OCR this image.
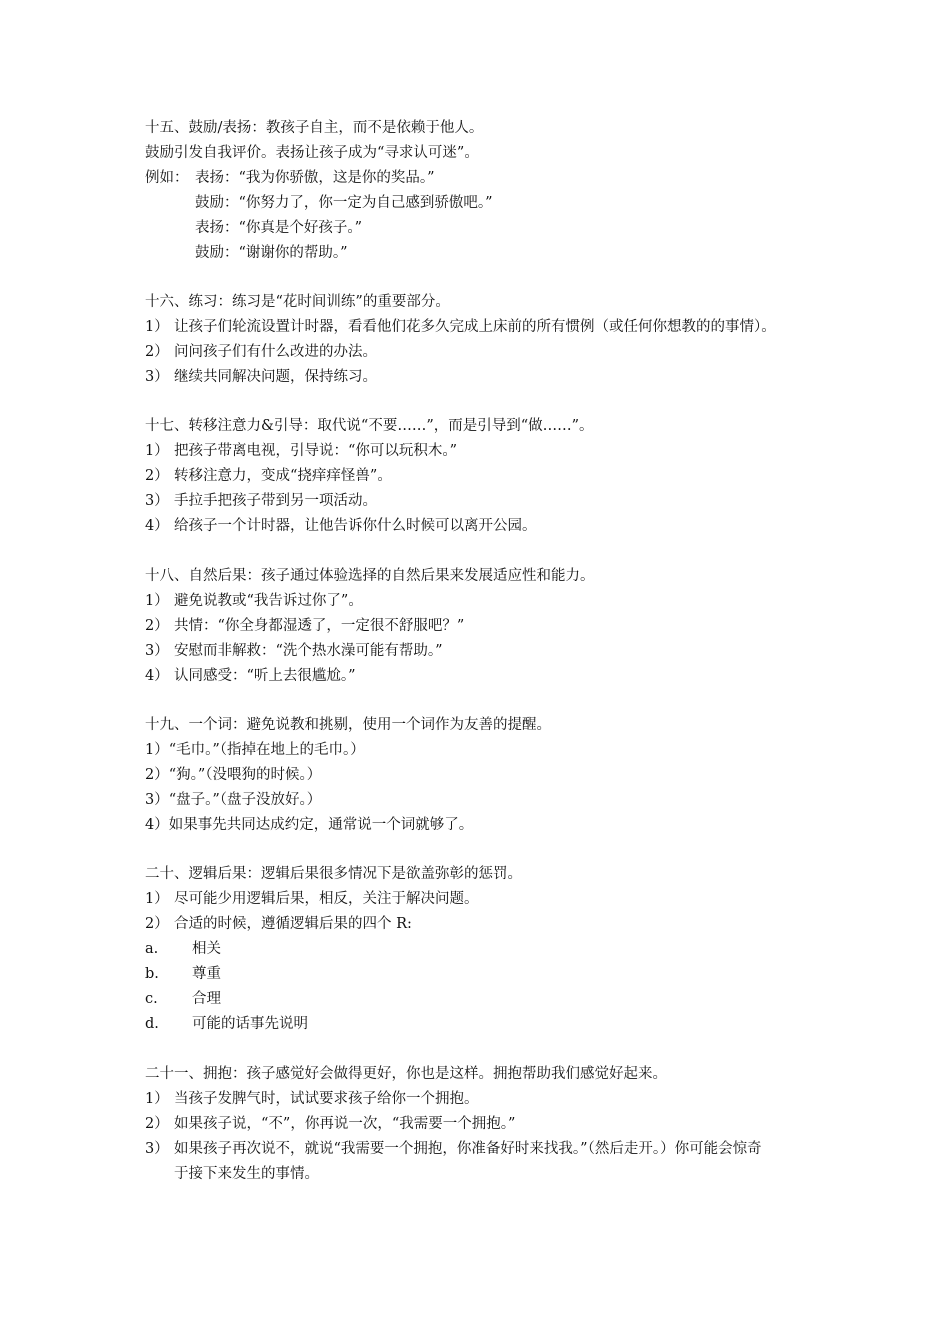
十五、鼓励/表扬：教孩子自主，而不是依赖于他人。
鼓励引发自我评价。表扬让孩子成为“寻求认可迷”。
例如： 表扬：“我为你骄傲，这是你的奖品。”
鼓励：“你努力了，你一定为自己感到骄傲吧。”
表扬：“你真是个好孩子。”
鼓励：“谢谢你的帮助。”
十六、练习：练习是“花时间训练”的重要部分。
1） 让孩子们轮流设置计时器，看看他们花多久完成上床前的所有惯例（或任何你想教的的事情）。
2） 问问孩子们有什么改进的办法。
3） 继续共同解决问题，保持练习。
十七、转移注意力&引导：取代说“不要……”，而是引导到“做……”。
1） 把孩子带离电视，引导说：“你可以玩积木。”
2） 转移注意力，变成“挠痒痒怪兽”。
3） 手拉手把孩子带到另一项活动。
4） 给孩子一个计时器，让他告诉你什么时候可以离开公园。
十八、自然后果：孩子通过体验选择的自然后果来发展适应性和能力。
1） 避免说教或“我告诉过你了”。
2） 共情：“你全身都湿透了，一定很不舒服吧？”
3） 安慰而非解救：“洗个热水澡可能有帮助。”
4） 认同感受：“听上去很尴尬。”
十九、一个词：避免说教和挑剔，使用一个词作为友善的提醒。
1）“毛巾。”（指掉在地上的毛巾。）
2）“狗。”（没喂狗的时候。）
3）“盘子。”（盘子没放好。）
4）如果事先共同达成约定，通常说一个词就够了。
二十、逻辑后果：逻辑后果很多情况下是欲盖弥彰的惩罚。
1） 尽可能少用逻辑后果，相反，关注于解决问题。
2） 合适的时候，遵循逻辑后果的四个 R:
a. 相关
b. 尊重
c. 合理
d. 可能的话事先说明
二十一、拥抱：孩子感觉好会做得更好，你也是这样。拥抱帮助我们感觉好起来。
1） 当孩子发脾气时，试试要求孩子给你一个拥抱。
2） 如果孩子说，“不”，你再说一次，“我需要一个拥抱。”
3） 如果孩子再次说不，就说“我需要一个拥抱，你准备好时来找我。”（然后走开。）你可能会惊奇
于接下来发生的事情。
